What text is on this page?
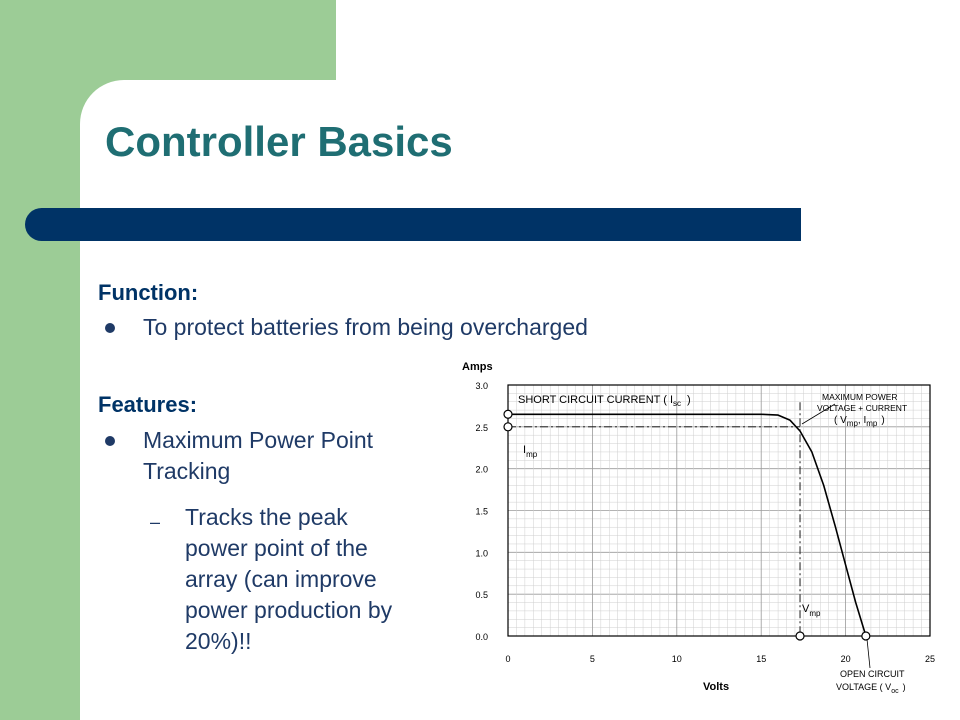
Controller Basics
Function:
To protect batteries from being overcharged
Features:
Maximum Power Point
Tracking
– Tracks the peak
power point of the
array (can improve
power production by
20%)!!	0.0
0.5
1.0
1.5
2.0
2.5
3.0
0	5	10	15	20	25
Amps
Volts
SHORT CIRCUIT CURRENT ( $I_{sc}$ )
$I_{mp}$
$V_{mp}$
MAXIMUM POWER
VOLTAGE + CURRENT
( $V_{mp}$, $I_{mp}$ )
OPEN CIRCUIT
VOLTAGE ( $V_{oc}$ )
